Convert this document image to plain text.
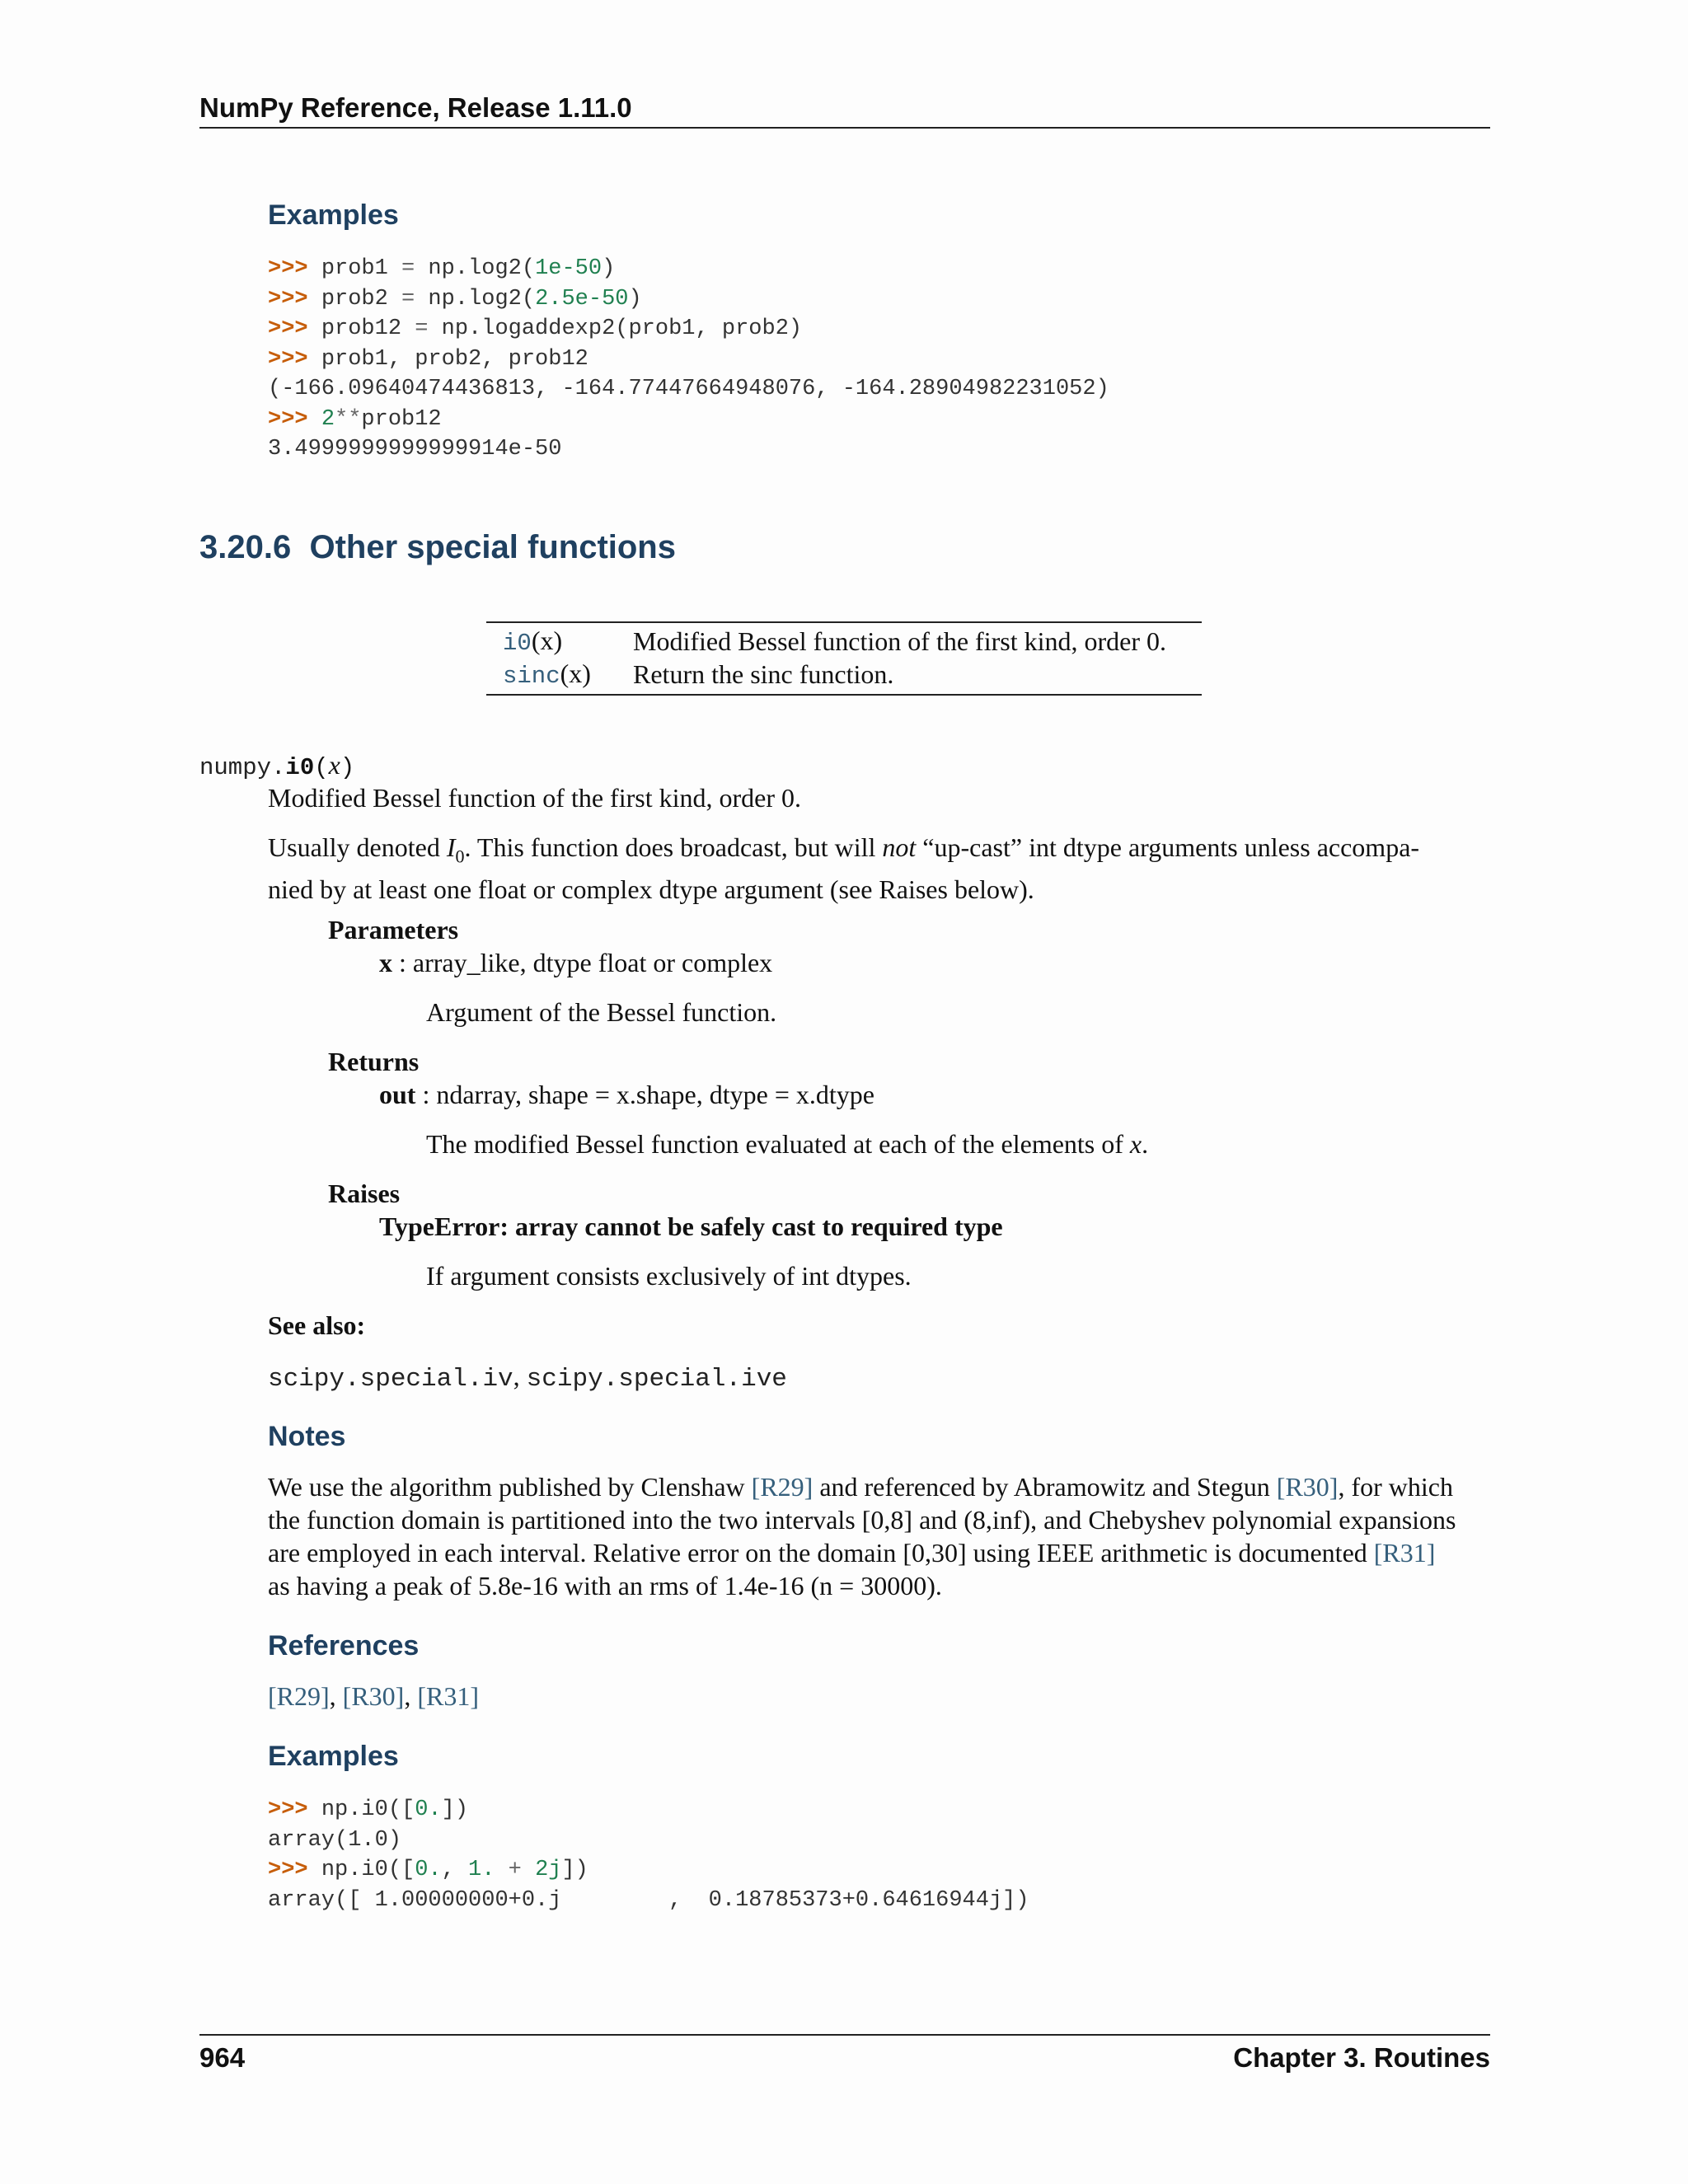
NumPy Reference, Release 1.11.0
Examples
>>> prob1 = np.log2(1e-50)
>>> prob2 = np.log2(2.5e-50)
>>> prob12 = np.logaddexp2(prob1, prob2)
>>> prob1, prob2, prob12
(-166.09640474436813, -164.77447664948076, -164.28904982231052)
>>> 2**prob12
3.4999999999999914e-50
3.20.6 Other special functions
i0(x)	Modified Bessel function of the first kind, order 0.
sinc(x)	Return the sinc function.
numpy.i0(x)
Modified Bessel function of the first kind, order 0.
Usually denoted $I_0$. This function does broadcast, but will not “up-cast” int dtype arguments unless accompa-
nied by at least one float or complex dtype argument (see Raises below).
Parameters
x : array_like, dtype float or complex
Argument of the Bessel function.
Returns
out : ndarray, shape = x.shape, dtype = x.dtype
The modified Bessel function evaluated at each of the elements of x.
Raises
TypeError: array cannot be safely cast to required type
If argument consists exclusively of int dtypes.
See also:
scipy.special.iv, scipy.special.ive
Notes
We use the algorithm published by Clenshaw [R29] and referenced by Abramowitz and Stegun [R30], for which
the function domain is partitioned into the two intervals [0,8] and (8,inf), and Chebyshev polynomial expansions
are employed in each interval. Relative error on the domain [0,30] using IEEE arithmetic is documented [R31]
as having a peak of 5.8e-16 with an rms of 1.4e-16 (n = 30000).
References
[R29], [R30], [R31]
Examples
>>> np.i0([0.])
array(1.0)
>>> np.i0([0., 1. + 2j])
array([ 1.00000000+0.j        ,  0.18785373+0.64616944j])
964	Chapter 3. Routines
